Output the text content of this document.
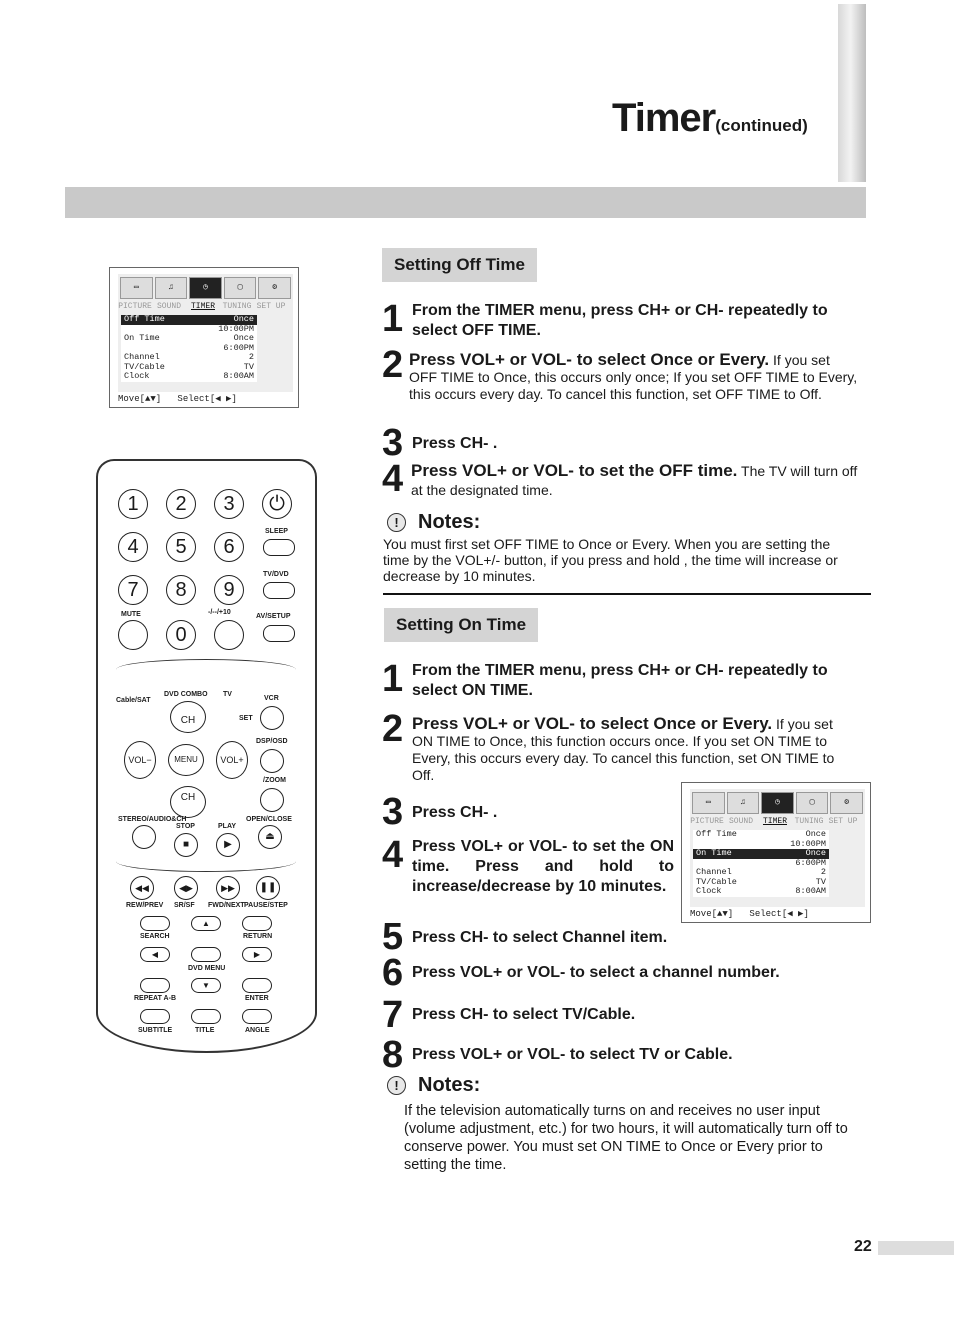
Timer(continued)
▭	♫	◷	▢	⚙
PICTURE SOUND	TIMER TUNING SET UP
Off Time	Once
10:00PM
On Time	Once
6:00PM
Channel	2
TV/Cable	TV
Clock	8:00AM
Move[▲▼] Select[◀ ▶]
1	2	3	⏻
4	5	6
SLEEP
7	8	9
TV/DVD
MUTE	-/--/+10
AV/SETUP
0
Cable/SAT
DVD COMBO TV
VCR
SET
CH
VOL−	MENU	VOL+
DSP/OSD
/ZOOM
CH
STEREO/AUDIO&CH
STOP	PLAY
OPEN/CLOSE
■	▶
⏏
◀◀	◀▶	▶▶	❚❚
REW/PREV SR/SF FWD/NEXT PAUSE/STEP
▲
SEARCH	RETURN
◀	▶
DVD MENU
▼
REPEAT A-B	ENTER
SUBTITLE	TITLE	ANGLE
Setting Off Time
1 From the TIMER menu, press CH+ or CH- repeatedly to select OFF TIME.
2 Press VOL+ or VOL- to select Once or Every. If you set OFF TIME to Once, this occurs only once; If you set OFF TIME to Every, this occurs every day. To cancel this function, set OFF TIME to Off.
3 Press CH- .
4 Press VOL+ or VOL- to set the OFF time. The TV will turn off at the designated time.
! Notes:
You must first set OFF TIME to Once or Every. When you are setting the time by the VOL+/- button, if you press and hold , the time will increase or decrease by 10 minutes.
Setting On Time
1 From the TIMER menu, press CH+ or CH- repeatedly to select ON TIME.
2 Press VOL+ or VOL- to select Once or Every. If you set ON TIME to Once, this function occurs once. If you set ON TIME to Every, this occurs every day. To cancel this function, set ON TIME to Off.
3 Press CH- .
4 Press VOL+ or VOL- to set the ON time. Press and hold to increase/decrease by 10 minutes.
5 Press CH- to select Channel item.
6 Press VOL+ or VOL- to select a channel number.
7 Press CH- to select TV/Cable.
8 Press VOL+ or VOL- to select TV or Cable.
▭	♫	◷	▢	⚙
PICTURE SOUND	TIMER TUNING SET UP
Off Time	Once
10:00PM
On Time	Once
6:00PM
Channel	2
TV/Cable	TV
Clock	8:00AM
Move[▲▼] Select[◀ ▶]
! Notes:
If the television automatically turns on and receives no user input (volume adjustment, etc.) for two hours, it will automatically turn off to conserve power. You must set ON TIME to Once or Every prior to setting the time.
22
